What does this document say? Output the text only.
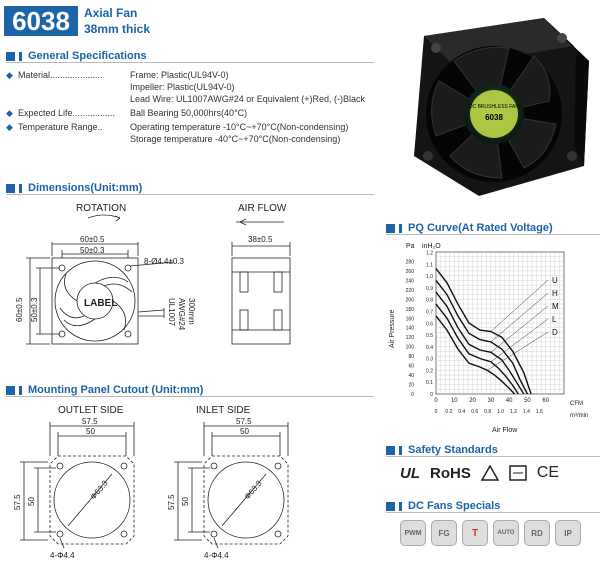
6038	Axial Fan
38mm thick
DC BRUSHLESS FAN
6038
General Specifications
◆ Material.....................	Frame: Plastic(UL94V-0)
Impeller: Plastic(UL94V-0)
Lead Wire: UL1007AWG#24 or Equivalent (+)Red, (-)Black
◆ Expected Life................. Ball Bearing 50,000hrs(40°C)
◆ Temperature Range..	Operating temperature -10°C~+70°C(Non-condensing)
Storage temperature -40°C~+70°C(Non-condensing)
Dimensions(Unit:mm)
ROTATION	AIR FLOW
60±0.5
50±0.3
8-Ø4.4±0.3
LABEL
60±0.5 50±0.3	UL1007 AWG#24 300mm
38±0.5
Mounting Panel Cutout (Unit:mm)
OUTLET SIDE	INLET SIDE
57.5
50
Φ63.3
57.5 50
4-Φ4.4
57.5
50
Φ63.3
57.5 50
4-Φ4.4
PQ Curve(At Rated Voltage)
Pa inH₂O
Air Pressure
Air Flow
CFM
m³/min
0
20
40
60
80
100
120
140
160
180
200
220
240
260
280
0
0.1
0.2
0.3
0.4
0.5
0.6
0.7
0.8
0.9
1.0
1.1
1.2
0 10 20 30 40 50 60
0 0.2 0.4 0.6 0.8 1.0 1.2 1.4 1.6
U
H
M
L
D
Safety Standards
UL RoHS	CE
DC Fans Specials
PWM	FG	T	AUTO	RD	IP
